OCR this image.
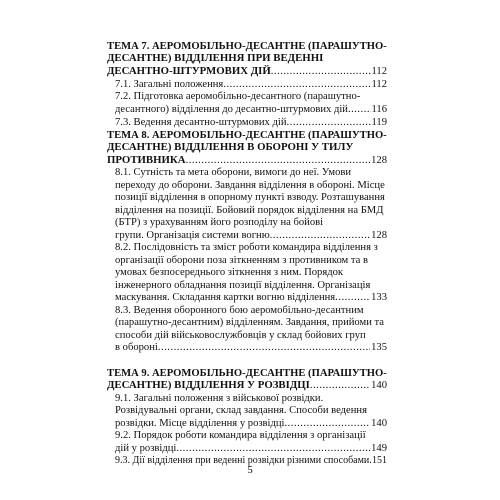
ТЕМА 7. АЕРОМОБІЛЬНО-ДЕСАНТНЕ (ПАРАШУТНО-
ДЕСАНТНЕ) ВІДДІЛЕННЯ ПРИ ВЕДЕННІ
ДЕСАНТНО-ШТУРМОВИХ ДІЙ .....	112
7.1. Загальні положення .....	112
7.2. Підготовка аеромобільно-десантного (парашутно-
десантного) відділення до десантно-штурмових дій ..... 116
7.3. Ведення десантно-штурмових дій .....	119
ТЕМА 8. АЕРОМОБІЛЬНО-ДЕСАНТНЕ (ПАРАШУТНО-
ДЕСАНТНЕ) ВІДДІЛЕННЯ В ОБОРОНІ У ТИЛУ
ПРОТИВНИКА .....	128
8.1. Сутність та мета оборони, вимоги до неї. Умови
переходу до оборони. Завдання відділення в обороні. Місце
позиції відділення в опорному пункті взводу. Розташування
відділення на позиції. Бойовий порядок відділення на БМД
(БТР) з урахуванням його розподілу на бойові
групи. Організація системи вогню .....	128
8.2. Послідовність та зміст роботи командира відділення з
організації оборони поза зіткненням з противником та в
умовах безпосереднього зіткнення з ним. Порядок
інженерного обладнання позиції відділення. Організація
маскування. Складання картки вогню відділення .....	133
8.3. Ведення оборонного бою аеромобільно-десантним
(парашутно-десантним) відділенням. Завдання, прийоми та
способи дій військовослужбовців у склад бойових груп
в обороні .....	135
ТЕМА 9. АЕРОМОБІЛЬНО-ДЕСАНТНЕ (ПАРАШУТНО-
ДЕСАНТНЕ) ВІДДІЛЕННЯ У РОЗВІДЦІ .....	140
9.1. Загальні положення з військової розвідки.
Розвідувальні органи, склад завдання. Способи ведення
розвідки. Місце відділення у розвідці .....	140
9.2. Порядок роботи командира відділення з організації
дій у розвідці .....	149
9.3. Дії відділення при веденні розвідки різними способами ..... 151
5
